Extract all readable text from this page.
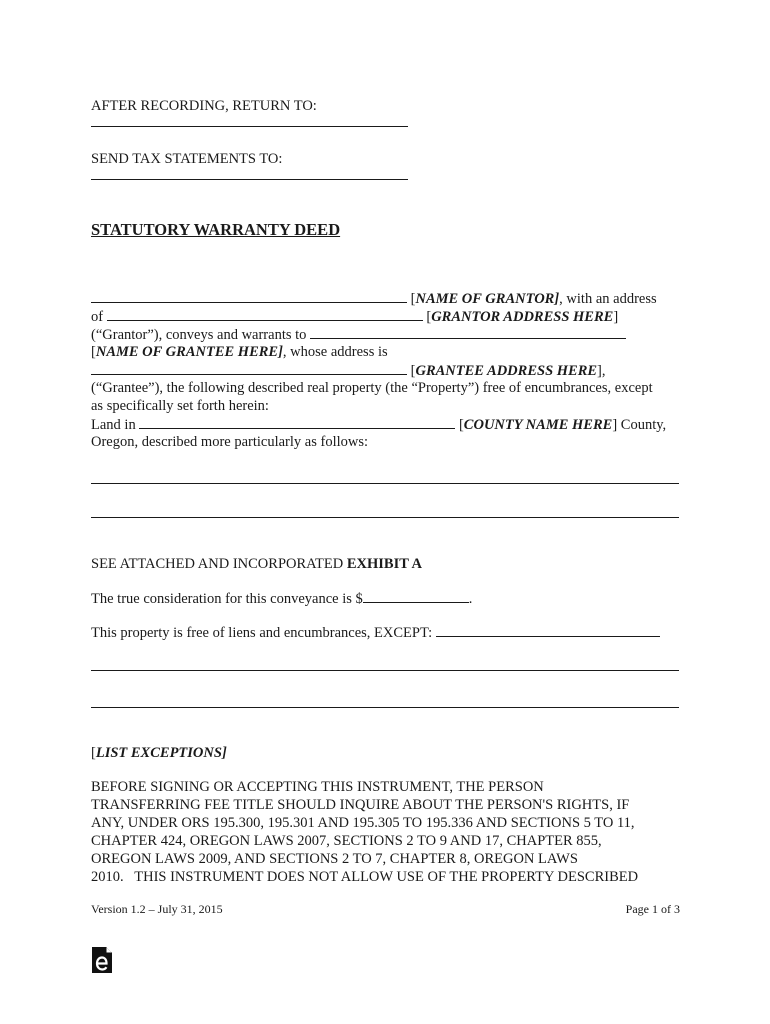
AFTER RECORDING, RETURN TO:
SEND TAX STATEMENTS TO:
STATUTORY WARRANTY DEED
[NAME OF GRANTOR], with an address
of	[GRANTOR ADDRESS HERE]
(“Grantor”), conveys and warrants to
[NAME OF GRANTEE HERE], whose address is
[GRANTEE ADDRESS HERE],
(“Grantee”), the following described real property (the “Property”) free of encumbrances, except
as specifically set forth herein:
Land in	[COUNTY NAME HERE] County,
Oregon, described more particularly as follows:
SEE ATTACHED AND INCORPORATED EXHIBIT A
The true consideration for this conveyance is $	.
This property is free of liens and encumbrances, EXCEPT:
[LIST EXCEPTIONS]
BEFORE SIGNING OR ACCEPTING THIS INSTRUMENT, THE PERSON
TRANSFERRING FEE TITLE SHOULD INQUIRE ABOUT THE PERSON'S RIGHTS, IF
ANY, UNDER ORS 195.300, 195.301 AND 195.305 TO 195.336 AND SECTIONS 5 TO 11,
CHAPTER 424, OREGON LAWS 2007, SECTIONS 2 TO 9 AND 17, CHAPTER 855,
OREGON LAWS 2009, AND SECTIONS 2 TO 7, CHAPTER 8, OREGON LAWS
2010.   THIS INSTRUMENT DOES NOT ALLOW USE OF THE PROPERTY DESCRIBED
Version 1.2 – July 31, 2015	Page 1 of 3
